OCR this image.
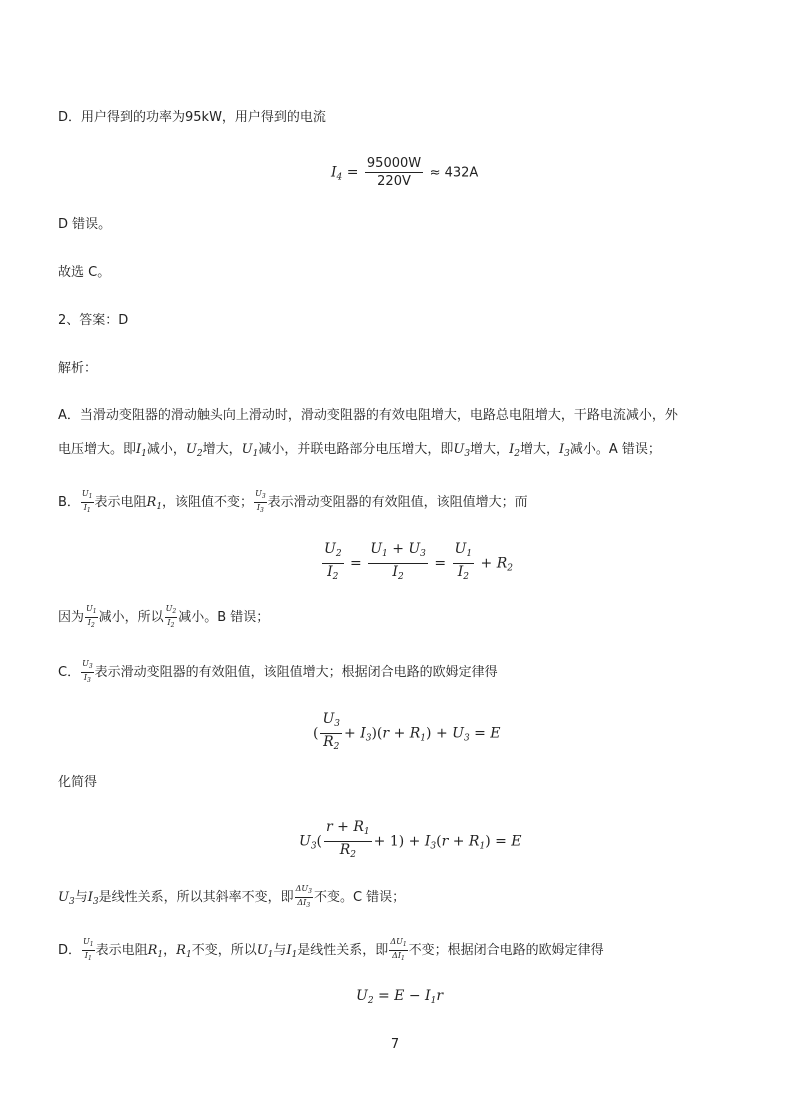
D．用户得到的功率为95kW，用户得到的电流
$I_4 = \frac{95000W}{220V} \approx 432A$
D 错误。
故选 C。
2、答案：D
解析：
A．当滑动变阻器的滑动触头向上滑动时，滑动变阻器的有效电阻增大，电路总电阻增大，干路电流减小，外
电压增大。即$I_1$减小，$U_2$增大，$U_1$减小，并联电路部分电压增大，即$U_3$增大，$I_2$增大，$I_3$减小。A 错误；
B． $\frac{U_1}{I_1}$ 表示电阻$R_1$，该阻值不变； $\frac{U_3}{I_3}$ 表示滑动变阻器的有效阻值，该阻值增大；而
$\frac{U_2}{I_2} = \frac{U_1 + U_3}{I_2} = \frac{U_1}{I_2} + R_2$
因为 $\frac{U_1}{I_2}$ 减小，所以 $\frac{U_2}{I_2}$ 减小。B 错误；
C． $\frac{U_3}{I_3}$ 表示滑动变阻器的有效阻值，该阻值增大；根据闭合电路的欧姆定律得
( $\frac{U_3}{R_2} + I_3)(r + R_1) + U_3 = E$
化简得
$U_3( \frac{r + R_1}{R_2} + 1) + I_3(r + R_1) = E$
$U_3$与$I_3$是线性关系，所以其斜率不变，即 $\frac{\Delta U_3}{\Delta I_3}$ 不变。C 错误；
D． $\frac{U_1}{I_1}$ 表示电阻$R_1$，$R_1$不变，所以$U_1$与$I_1$是线性关系，即 $\frac{\Delta U_1}{\Delta I_1}$ 不变；根据闭合电路的欧姆定律得
$U_2 = E - I_1r$
7
